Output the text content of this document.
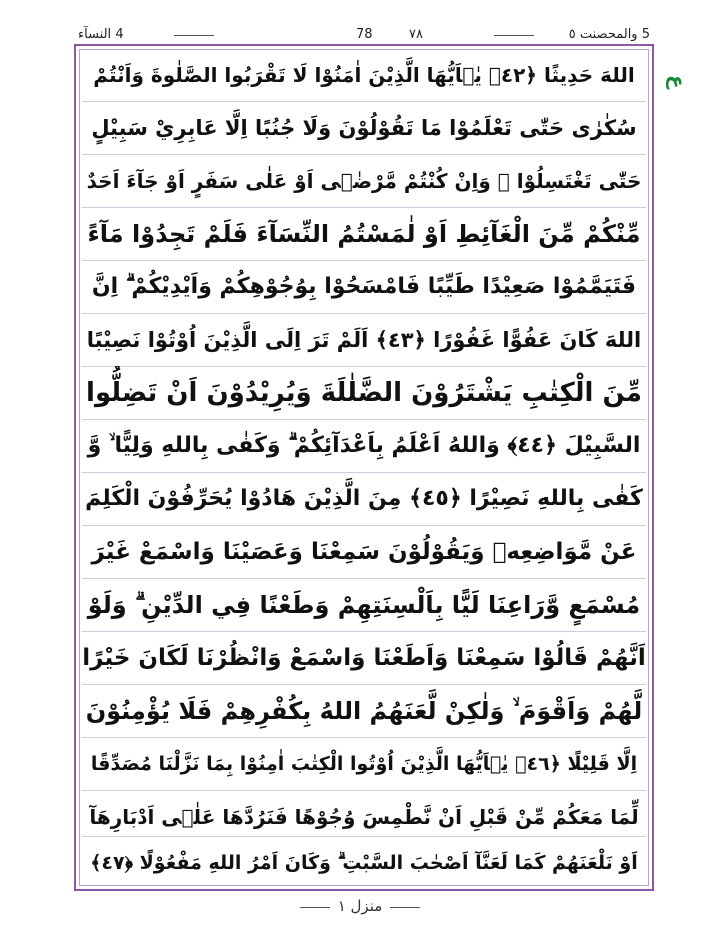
4 النسآء	78	٧٨	5 والمحصنت ٥
اللهَ حَدِيثًا ﴿٤٢﴾ يٰۤاَيُّهَا الَّذِيْنَ اٰمَنُوْا لَا تَقْرَبُوا الصَّلٰوةَ وَاَنْتُمْ
سُكٰرٰى حَتّٰى تَعْلَمُوْا مَا تَقُوْلُوْنَ وَلَا جُنُبًا اِلَّا عَابِرِيْ سَبِيْلٍ
حَتّٰى تَغْتَسِلُوْا ۗ وَاِنْ كُنْتُمْ مَّرْضٰۤى اَوْ عَلٰى سَفَرٍ اَوْ جَآءَ اَحَدٌ
مِّنْكُمْ مِّنَ الْغَآئِطِ اَوْ لٰمَسْتُمُ النِّسَآءَ فَلَمْ تَجِدُوْا مَآءً
فَتَيَمَّمُوْا صَعِيْدًا طَيِّبًا فَامْسَحُوْا بِوُجُوْهِكُمْ وَاَيْدِيْكُمْ ۗ اِنَّ
اللهَ كَانَ عَفُوًّا غَفُوْرًا ﴿٤٣﴾ اَلَمْ تَرَ اِلَى الَّذِيْنَ اُوْتُوْا نَصِيْبًا
مِّنَ الْكِتٰبِ يَشْتَرُوْنَ الضَّلٰلَةَ وَيُرِيْدُوْنَ اَنْ تَضِلُّوا
السَّبِيْلَ ﴿٤٤﴾ وَاللهُ اَعْلَمُ بِاَعْدَآئِكُمْ ۗ وَكَفٰى بِاللهِ وَلِيًّا ۙ وَّ
كَفٰى بِاللهِ نَصِيْرًا ﴿٤٥﴾ مِنَ الَّذِيْنَ هَادُوْا يُحَرِّفُوْنَ الْكَلِمَ
عَنْ مَّوَاضِعِهٖ وَيَقُوْلُوْنَ سَمِعْنَا وَعَصَيْنَا وَاسْمَعْ غَيْرَ
مُسْمَعٍ وَّرَاعِنَا لَيًّا بِاَلْسِنَتِهِمْ وَطَعْنًا فِي الدِّيْنِ ۗ وَلَوْ
اَنَّهُمْ قَالُوْا سَمِعْنَا وَاَطَعْنَا وَاسْمَعْ وَانْظُرْنَا لَكَانَ خَيْرًا
لَّهُمْ وَاَقْوَمَ ۙ وَلٰكِنْ لَّعَنَهُمُ اللهُ بِكُفْرِهِمْ فَلَا يُؤْمِنُوْنَ
اِلَّا قَلِيْلًا ﴿٤٦﴾ يٰۤاَيُّهَا الَّذِيْنَ اُوْتُوا الْكِتٰبَ اٰمِنُوْا بِمَا نَزَّلْنَا مُصَدِّقًا
لِّمَا مَعَكُمْ مِّنْ قَبْلِ اَنْ نَّطْمِسَ وُجُوْهًا فَنَرُدَّهَا عَلٰۤى اَدْبَارِهَآ
اَوْ نَلْعَنَهُمْ كَمَا لَعَنَّآ اَصْحٰبَ السَّبْتِ ۗ وَكَانَ اَمْرُ اللهِ مَفْعُوْلًا ﴿٤٧﴾
ع
منزل ١
